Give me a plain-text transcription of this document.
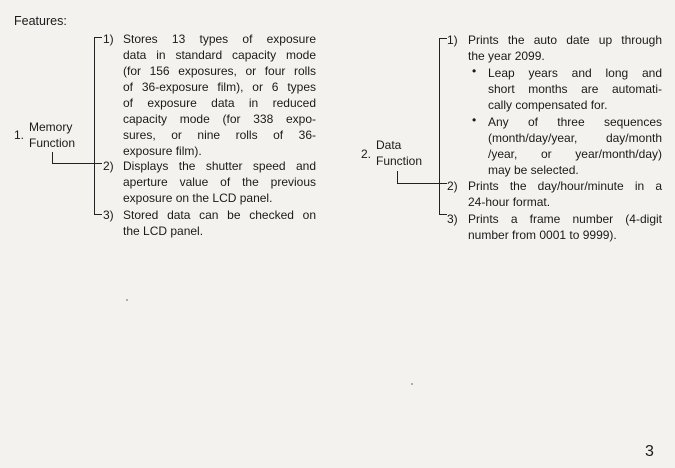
Features:
1.
Memory
Function
1) Stores 13 types of exposure
data in standard capacity mode
(for 156 exposures, or four rolls
of 36-exposure film), or 6 types
of exposure data in reduced
capacity mode (for 338 expo-
sures, or nine rolls of 36-
exposure film).
2) Displays the shutter speed and
aperture value of the previous
exposure on the LCD panel.
3) Stored data can be checked on
the LCD panel.
2.
Data
Function
1) Prints the auto date up through
the year 2099.
• Leap years and long and
short months are automati-
cally compensated for.
• Any of three sequences
(month/day/year, day/month
/year, or year/month/day)
may be selected.
2) Prints the day/hour/minute in a
24-hour format.
3) Prints a frame number (4-digit
number from 0001 to 9999).
3
